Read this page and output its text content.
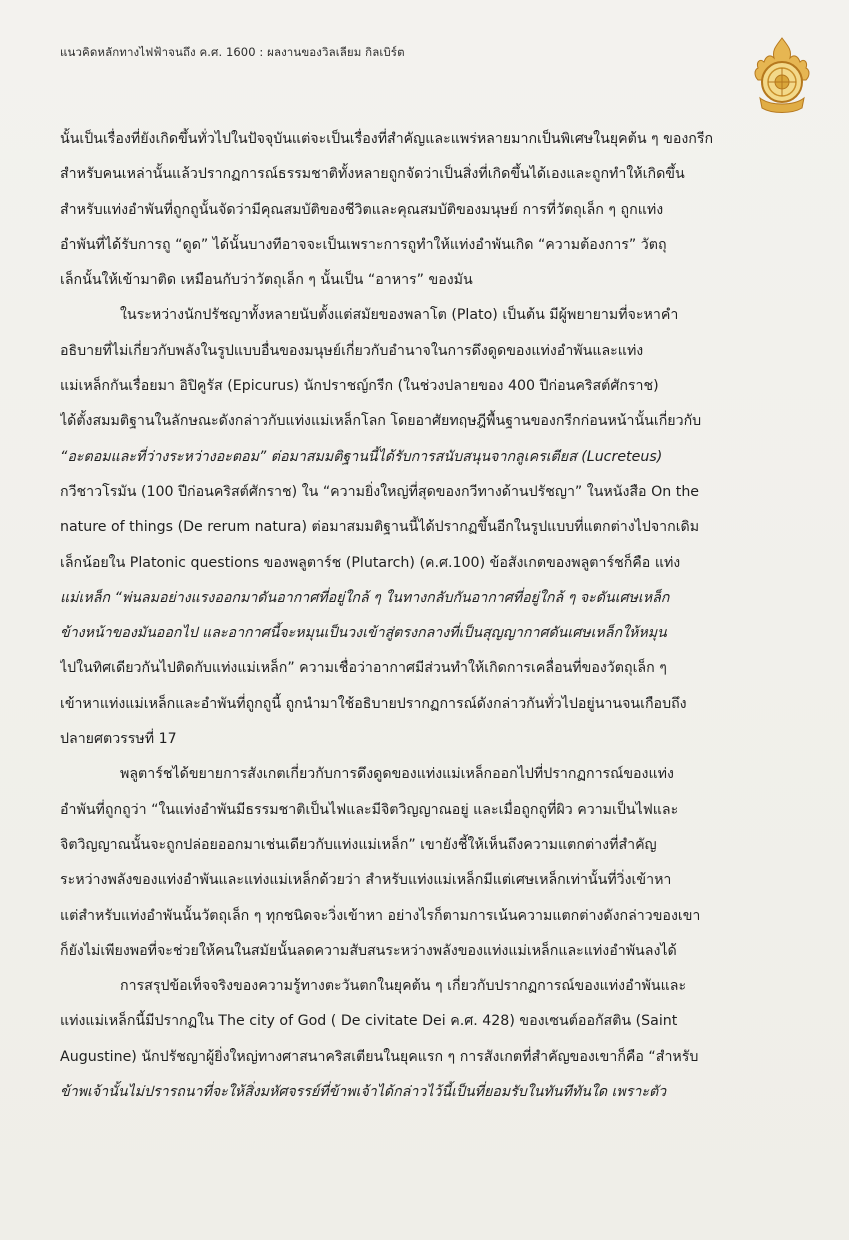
แนวคิดหลักทางไฟฟ้าจนถึง ค.ศ. 1600 : ผลงานของวิลเลียม กิลเบิร์ต

นั้นเป็นเรื่องที่ยังเกิดขึ้นทั่วไปในปัจจุบันแต่จะเป็นเรื่องที่สำคัญและแพร่หลายมากเป็นพิเศษในยุคต้น ๆ ของกรีก
สำหรับคนเหล่านั้นแล้วปรากฏการณ์ธรรมชาติทั้งหลายถูกจัดว่าเป็นสิ่งที่เกิดขึ้นได้เองและถูกทำให้เกิดขึ้น
สำหรับแท่งอำพันที่ถูกถูนั้นจัดว่ามีคุณสมบัติของชีวิตและคุณสมบัติของมนุษย์ การที่วัตถุเล็ก ๆ ถูกแท่ง
อำพันที่ได้รับการถู “ดูด” ได้นั้นบางทีอาจจะเป็นเพราะการถูทำให้แท่งอำพันเกิด “ความต้องการ” วัตถุ
เล็กนั้นให้เข้ามาติด เหมือนกับว่าวัตถุเล็ก ๆ นั้นเป็น “อาหาร” ของมัน

ในระหว่างนักปรัชญาทั้งหลายนับตั้งแต่สมัยของพลาโต (Plato) เป็นต้น มีผู้พยายามที่จะหาคำ
อธิบายที่ไม่เกี่ยวกับพลังในรูปแบบอื่นของมนุษย์เกี่ยวกับอำนาจในการดึงดูดของแท่งอำพันและแท่ง
แม่เหล็กกันเรื่อยมา อิปิคูรัส (Epicurus) นักปราชญ์กรีก (ในช่วงปลายของ 400 ปีก่อนคริสต์ศักราช)
ได้ตั้งสมมติฐานในลักษณะดังกล่าวกับแท่งแม่เหล็กโลก โดยอาศัยทฤษฎีพื้นฐานของกรีกก่อนหน้านั้นเกี่ยวกับ
“อะตอมและที่ว่างระหว่างอะตอม” ต่อมาสมมติฐานนี้ได้รับการสนับสนุนจากลูเครเตียส (Lucreteus)
กวีชาวโรมัน (100 ปีก่อนคริสต์ศักราช) ใน “ความยิ่งใหญ่ที่สุดของกวีทางด้านปรัชญา” ในหนังสือ On the
nature of things (De rerum natura) ต่อมาสมมติฐานนี้ได้ปรากฏขึ้นอีกในรูปแบบที่แตกต่างไปจากเดิม
เล็กน้อยใน Platonic questions ของพลูตาร์ช (Plutarch) (ค.ศ.100) ข้อสังเกตของพลูตาร์ชก็คือ แท่ง
แม่เหล็ก “พ่นลมอย่างแรงออกมาดันอากาศที่อยู่ใกล้ ๆ ในทางกลับกันอากาศที่อยู่ใกล้ ๆ จะดันเศษเหล็ก
ข้างหน้าของมันออกไป และอากาศนี้จะหมุนเป็นวงเข้าสู่ตรงกลางที่เป็นสุญญากาศดันเศษเหล็กให้หมุน
ไปในทิศเดียวกันไปติดกับแท่งแม่เหล็ก” ความเชื่อว่าอากาศมีส่วนทำให้เกิดการเคลื่อนที่ของวัตถุเล็ก ๆ
เข้าหาแท่งแม่เหล็กและอำพันที่ถูกถูนี้ ถูกนำมาใช้อธิบายปรากฏการณ์ดังกล่าวกันทั่วไปอยู่นานจนเกือบถึง
ปลายศตวรรษที่ 17

พลูตาร์ชได้ขยายการสังเกตเกี่ยวกับการดึงดูดของแท่งแม่เหล็กออกไปที่ปรากฏการณ์ของแท่ง
อำพันที่ถูกถูว่า “ในแท่งอำพันมีธรรมชาติเป็นไฟและมีจิตวิญญาณอยู่ และเมื่อถูกถูที่ผิว ความเป็นไฟและ
จิตวิญญาณนั้นจะถูกปล่อยออกมาเช่นเดียวกับแท่งแม่เหล็ก” เขายังชี้ให้เห็นถึงความแตกต่างที่สำคัญ
ระหว่างพลังของแท่งอำพันและแท่งแม่เหล็กด้วยว่า สำหรับแท่งแม่เหล็กมีแต่เศษเหล็กเท่านั้นที่วิ่งเข้าหา
แต่สำหรับแท่งอำพันนั้นวัตถุเล็ก ๆ ทุกชนิดจะวิ่งเข้าหา อย่างไรก็ตามการเน้นความแตกต่างดังกล่าวของเขา
ก็ยังไม่เพียงพอที่จะช่วยให้คนในสมัยนั้นลดความสับสนระหว่างพลังของแท่งแม่เหล็กและแท่งอำพันลงได้

การสรุปข้อเท็จจริงของความรู้ทางตะวันตกในยุคต้น ๆ เกี่ยวกับปรากฏการณ์ของแท่งอำพันและ
แท่งแม่เหล็กนี้มีปรากฏใน The city of God ( De civitate Dei ค.ศ. 428) ของเซนต์ออกัสติน (Saint
Augustine) นักปรัชญาผู้ยิ่งใหญ่ทางศาสนาคริสเตียนในยุคแรก ๆ การสังเกตที่สำคัญของเขาก็คือ “สำหรับ
ข้าพเจ้านั้นไม่ปรารถนาที่จะให้สิ่งมหัศจรรย์ที่ข้าพเจ้าได้กล่าวไว้นี้เป็นที่ยอมรับในทันทีทันใด เพราะตัว
